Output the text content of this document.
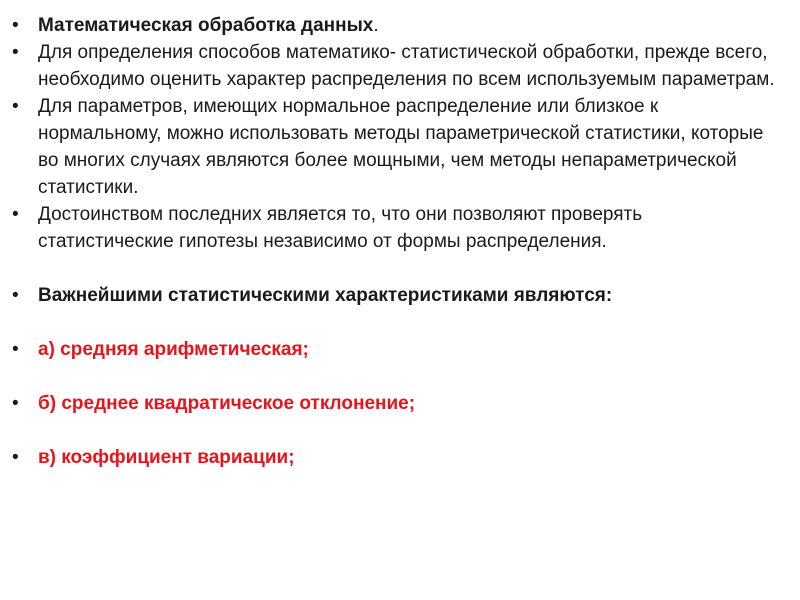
•	Математическая обработка данных.
•	Для определения способов математико- статистической обработки, прежде всего, необходимо оценить характер распределения по всем используемым параметрам.
•	Для параметров, имеющих нормальное распределение или близкое к нормальному, можно использовать методы параметрической статистики, которые во многих случаях являются более мощными, чем методы непараметрической статистики.
•	Достоинством последних является то, что они позволяют проверять статистические гипотезы независимо от формы распределения.
•	Важнейшими статистическими характеристиками являются:
•	а) средняя арифметическая;
•	б) среднее квадратическое отклонение;
•	в) коэффициент вариации;
